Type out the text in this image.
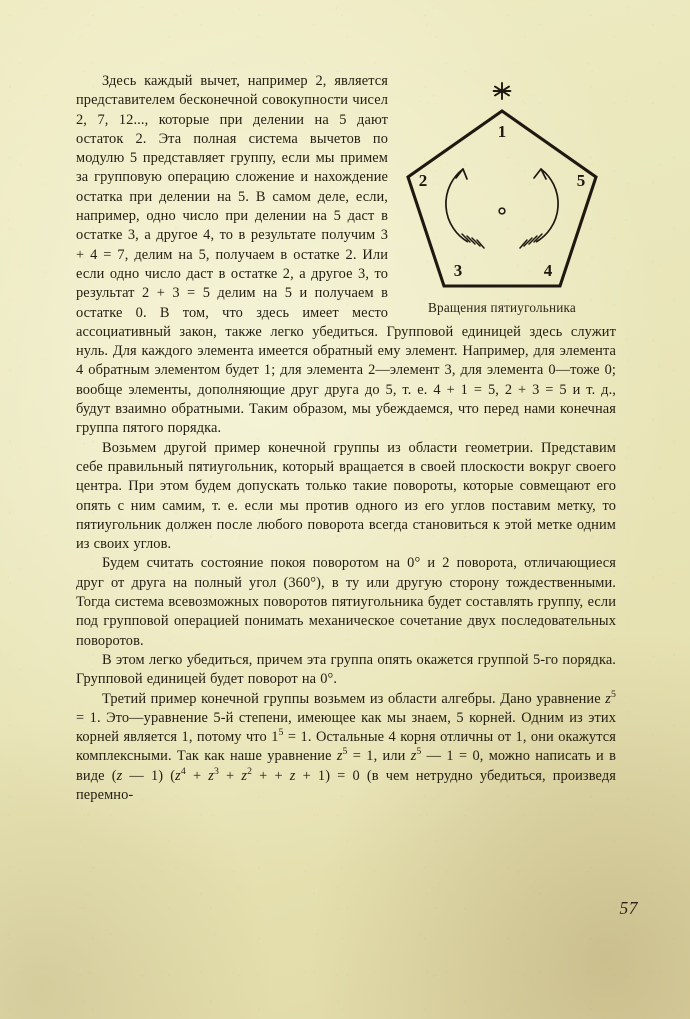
1
2
3	4
5
Вращения пятиугольника

Здесь каждый вычет, например 2, является представителем бесконечной совокупности чисел 2, 7, 12..., которые при делении на 5 дают остаток 2. Эта полная система вычетов по модулю 5 представляет группу, если мы примем за групповую операцию сложение и нахождение остатка при делении на 5. В самом деле, если, например, одно число при делении на 5 даст в остатке 3, а другое 4, то в результате получим 3 + 4 = 7, делим на 5, получаем в остатке 2. Или если одно число даст в остатке 2, а другое 3, то результат 2 + 3 = 5 делим на 5 и получаем в остатке 0. В том, что здесь имеет место ассоциативный закон, также легко убедиться. Групповой единицей здесь служит нуль. Для каждого элемента имеется обратный ему элемент. Например, для элемента 4 обратным элементом будет 1; для элемента 2—элемент 3, для элемента 0—тоже 0; вообще элементы, дополняющие друг друга до 5, т. е. 4 + 1 = 5, 2 + 3 = 5 и т. д., будут взаимно обратными. Таким образом, мы убеждаемся, что перед нами конечная группа пятого порядка.

Возьмем другой пример конечной группы из области геометрии. Представим себе правильный пятиугольник, который вращается в своей плоскости вокруг своего центра. При этом будем допускать только такие повороты, которые совмещают его опять с ним самим, т. е. если мы против одного из его углов поставим метку, то пятиугольник должен после любого поворота всегда становиться к этой метке одним из своих углов.

Будем считать состояние покоя поворотом на 0° и 2 поворота, отличающиеся друг от друга на полный угол (360°), в ту или другую сторону тождественными. Тогда система всевозможных поворотов пятиугольника будет составлять группу, если под групповой операцией понимать механическое сочетание двух последовательных поворотов.

В этом легко убедиться, причем эта группа опять окажется группой 5-го порядка. Групповой единицей будет поворот на 0°.

Третий пример конечной группы возьмем из области алгебры. Дано уравнение $z^5 = 1$. Это—уравнение 5-й степени, имеющее как мы знаем, 5 корней. Одним из этих корней является 1, потому что $1^5 = 1$. Остальные 4 корня отличны от 1, они окажутся комплексными. Так как наше уравнение $z^5 = 1$, или $z^5$ — 1 = 0, можно написать и в виде (z — 1) ($z^4 + z^3 + z^2$ + + z + 1) = 0 (в чем нетрудно убедиться, произведя перемно-

57
